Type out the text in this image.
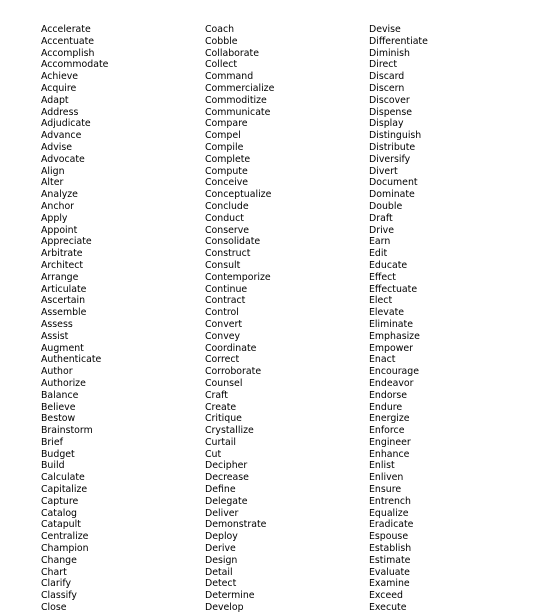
Accelerate
Accentuate
Accomplish
Accommodate
Achieve
Acquire
Adapt
Address
Adjudicate
Advance
Advise
Advocate
Align
Alter
Analyze
Anchor
Apply
Appoint
Appreciate
Arbitrate
Architect
Arrange
Articulate
Ascertain
Assemble
Assess
Assist
Augment
Authenticate
Author
Authorize
Balance
Believe
Bestow
Brainstorm
Brief
Budget
Build
Calculate
Capitalize
Capture
Catalog
Catapult
Centralize
Champion
Change
Chart
Clarify
Classify
Close
Coach
Cobble
Collaborate
Collect
Command
Commercialize
Commoditize
Communicate
Compare
Compel
Compile
Complete
Compute
Conceive
Conceptualize
Conclude
Conduct
Conserve
Consolidate
Construct
Consult
Contemporize
Continue
Contract
Control
Convert
Convey
Coordinate
Correct
Corroborate
Counsel
Craft
Create
Critique
Crystallize
Curtail
Cut
Decipher
Decrease
Define
Delegate
Deliver
Demonstrate
Deploy
Derive
Design
Detail
Detect
Determine
Develop
Devise
Differentiate
Diminish
Direct
Discard
Discern
Discover
Dispense
Display
Distinguish
Distribute
Diversify
Divert
Document
Dominate
Double
Draft
Drive
Earn
Edit
Educate
Effect
Effectuate
Elect
Elevate
Eliminate
Emphasize
Empower
Enact
Encourage
Endeavor
Endorse
Endure
Energize
Enforce
Engineer
Enhance
Enlist
Enliven
Ensure
Entrench
Equalize
Eradicate
Espouse
Establish
Estimate
Evaluate
Examine
Exceed
Execute
